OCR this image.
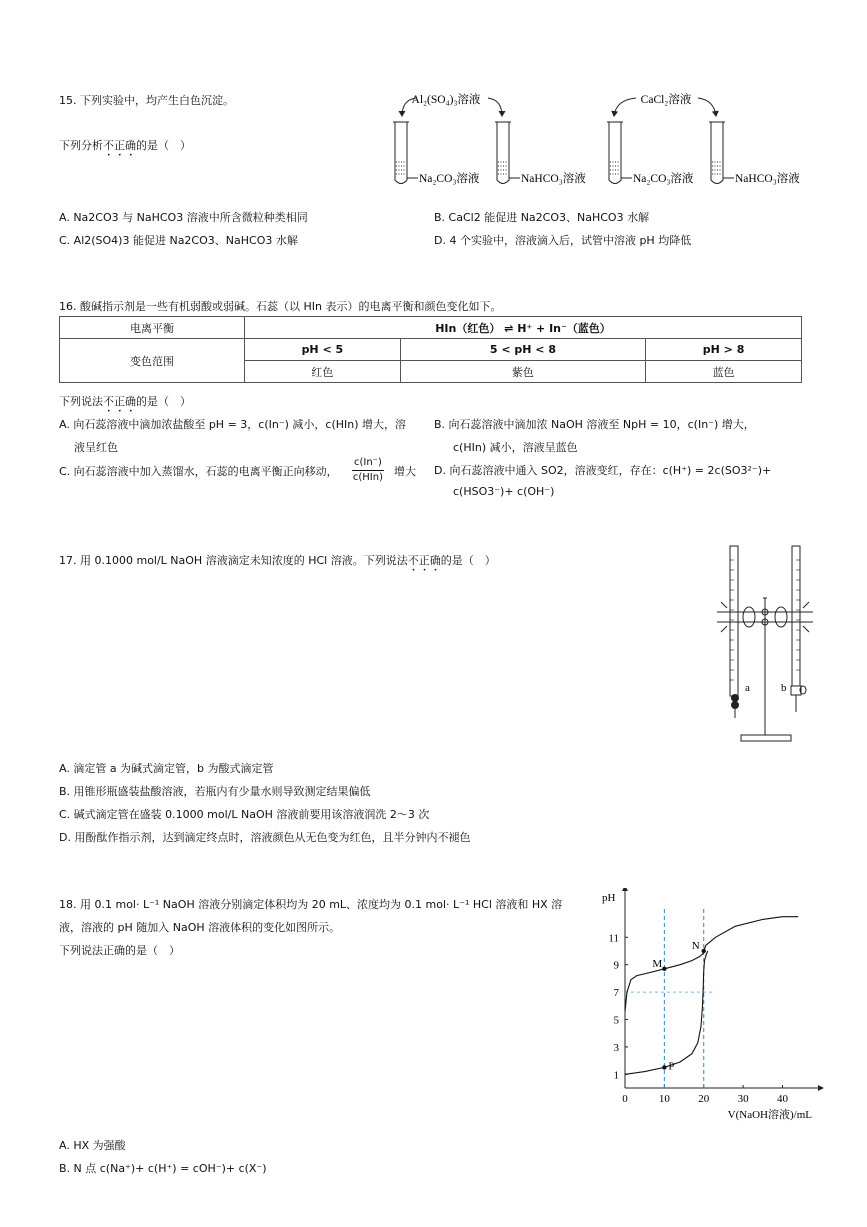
15. 下列实验中，均产生白色沉淀。
下列分析不正确的是（　）
Al₂(SO₄)₃溶液	CaCl₂溶液
Na₂CO₃溶液	NaHCO₃溶液	Na₂CO₃溶液	NaHCO₃溶液
A. Na2CO3 与 NaHCO3 溶液中所含微粒种类相同	B. CaCl2 能促进 Na2CO3、NaHCO3 水解
C. Al2(SO4)3 能促进 Na2CO3、NaHCO3 水解	D. 4 个实验中，溶液滴入后，试管中溶液 pH 均降低
16. 酸碱指示剂是一些有机弱酸或弱碱。石蕊（以 HIn 表示）的电离平衡和颜色变化如下。
电离平衡	HIn（红色） ⇌ H⁺ + In⁻（蓝色）		
变色范围	pH < 5	5 < pH < 8	pH > 8
	红色	紫色	蓝色
下列说法不正确的是（　）
A. 向石蕊溶液中滴加浓盐酸至 pH = 3，c(In⁻) 减小，c(HIn) 增大，溶
液呈红色
B. 向石蕊溶液中滴加浓 NaOH 溶液至 NpH = 10，c(In⁻) 增大，
c(HIn) 减小，溶液呈蓝色
C. 向石蕊溶液中加入蒸馏水，石蕊的电离平衡正向移动，
c(In⁻)
c(HIn) 增大 D. 向石蕊溶液中通入 SO2，溶液变红，存在：c(H⁺) = 2c(SO3²⁻)+
c(HSO3⁻)+ c(OH⁻)
17. 用 0.1000 mol/L NaOH 溶液滴定未知浓度的 HCl 溶液。下列说法不正确的是（　）
a	b
A. 滴定管 a 为碱式滴定管，b 为酸式滴定管
B. 用锥形瓶盛装盐酸溶液，若瓶内有少量水则导致测定结果偏低
C. 碱式滴定管在盛装 0.1000 mol/L NaOH 溶液前要用该溶液润洗 2～3 次
D. 用酚酞作指示剂，达到滴定终点时，溶液颜色从无色变为红色，且半分钟内不褪色
18. 用 0.1 mol· L⁻¹ NaOH 溶液分别滴定体积均为 20 mL、浓度均为 0.1 mol· L⁻¹ HCl 溶液和 HX 溶
液，溶液的 pH 随加入 NaOH 溶液体积的变化如图所示。
下列说法正确的是（　）
pH
V(NaOH溶液)/mL
0	10	20	30	40
1
3
5
7
9
11
M
N
P
A. HX 为强酸
B. N 点 c(Na⁺)+ c(H⁺) = cOH⁻)+ c(X⁻)
